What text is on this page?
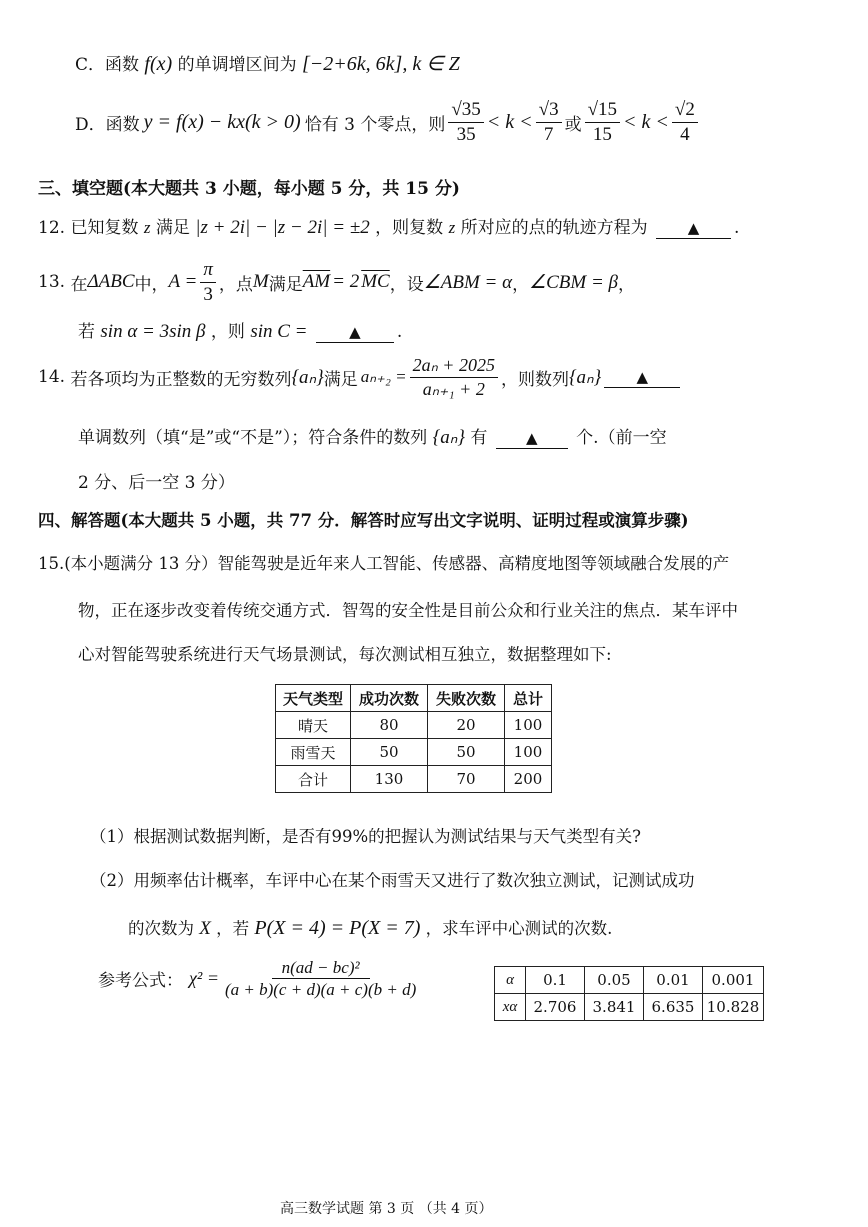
C．函数 f(x) 的单调增区间为 [−2+6k, 6k], k ∈ Z
D．函数 y = f(x) − kx(k > 0) 恰有 3 个零点，则 $\frac{√35}{35} < k < \frac{√3}{7}$ 或 $\frac{√15}{15} < k < \frac{√2}{4}$
三、填空题(本大题共 3 小题，每小题 5 分，共 15 分)
12. 已知复数 z 满足 |z + 2i| − |z − 2i| = ±2 ，则复数 z 所对应的点的轨迹方程为	▲ .
13.
在 ΔABC 中， $A = \frac{\pi}{3}$ ，点 M 满足 $\overline{AM} = 2$ $\overline{MC}$ ，设 ∠ABM = α ， ∠CBM = β ，
若 sin α = 3sin β ，则 sin C =	▲ .
14.
若各项均为正整数的无穷数列 {aₙ} 满足 $a_{n+2} = \frac{\text{2aₙ + 2025}}{\text{aₙ₊₁ + 2}}$ ，则数列 {aₙ}	▲
单调数列（填“是”或“不是”）；符合条件的数列 {aₙ} 有	▲ 个.（前一空
2 分、后一空 3 分）
四、解答题(本大题共 5 小题，共 77 分．解答时应写出文字说明、证明过程或演算步骤)
15.(本小题满分 13 分）智能驾驶是近年来人工智能、传感器、高精度地图等领域融合发展的产
物，正在逐步改变着传统交通方式．智驾的安全性是目前公众和行业关注的焦点．某车评中
心对智能驾驶系统进行天气场景测试，每次测试相互独立，数据整理如下:
天气类型	成功次数	失败次数	总计
晴天	80	20	100
雨雪天	50	50	100
合计	130	70	200
（1）根据测试数据判断，是否有99%的把握认为测试结果与天气类型有关?
（2）用频率估计概率，车评中心在某个雨雪天又进行了数次独立测试，记测试成功
的次数为 X ，若 P(X = 4) = P(X = 7) ，求车评中心测试的次数.
参考公式： $\chi^2 = \frac{\text{n(ad − bc)²}}{(a + b)(c + d)(a + c)(b + d)}$	α	0.1	0.05	0.01	0.001
xα	2.706	3.841	6.635	10.828
高三数学试题 第 3 页 （共 4 页）
